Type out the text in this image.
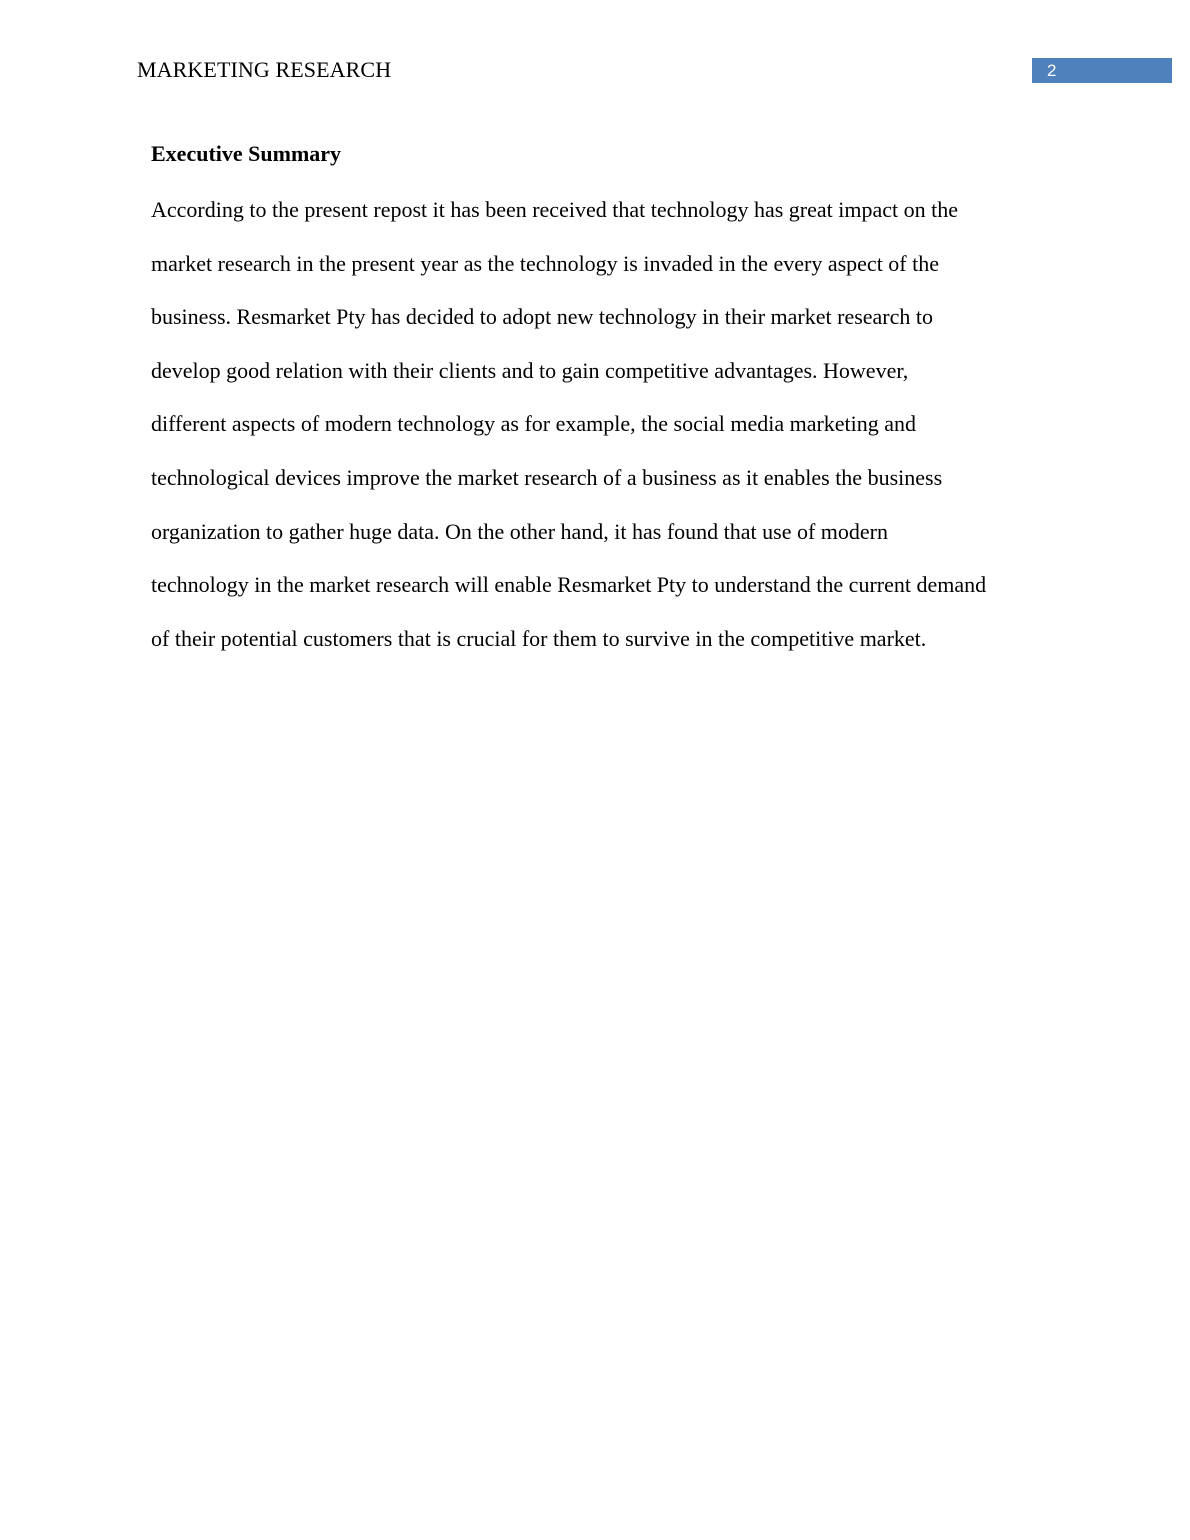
MARKETING RESEARCH	2
Executive Summary
According to the present repost it has been received that technology has great impact on the
market research in the present year as the technology is invaded in the every aspect of the
business. Resmarket Pty has decided to adopt new technology in their market research to
develop good relation with their clients and to gain competitive advantages. However,
different aspects of modern technology as for example, the social media marketing and
technological devices improve the market research of a business as it enables the business
organization to gather huge data. On the other hand, it has found that use of modern
technology in the market research will enable Resmarket Pty to understand the current demand
of their potential customers that is crucial for them to survive in the competitive market.
